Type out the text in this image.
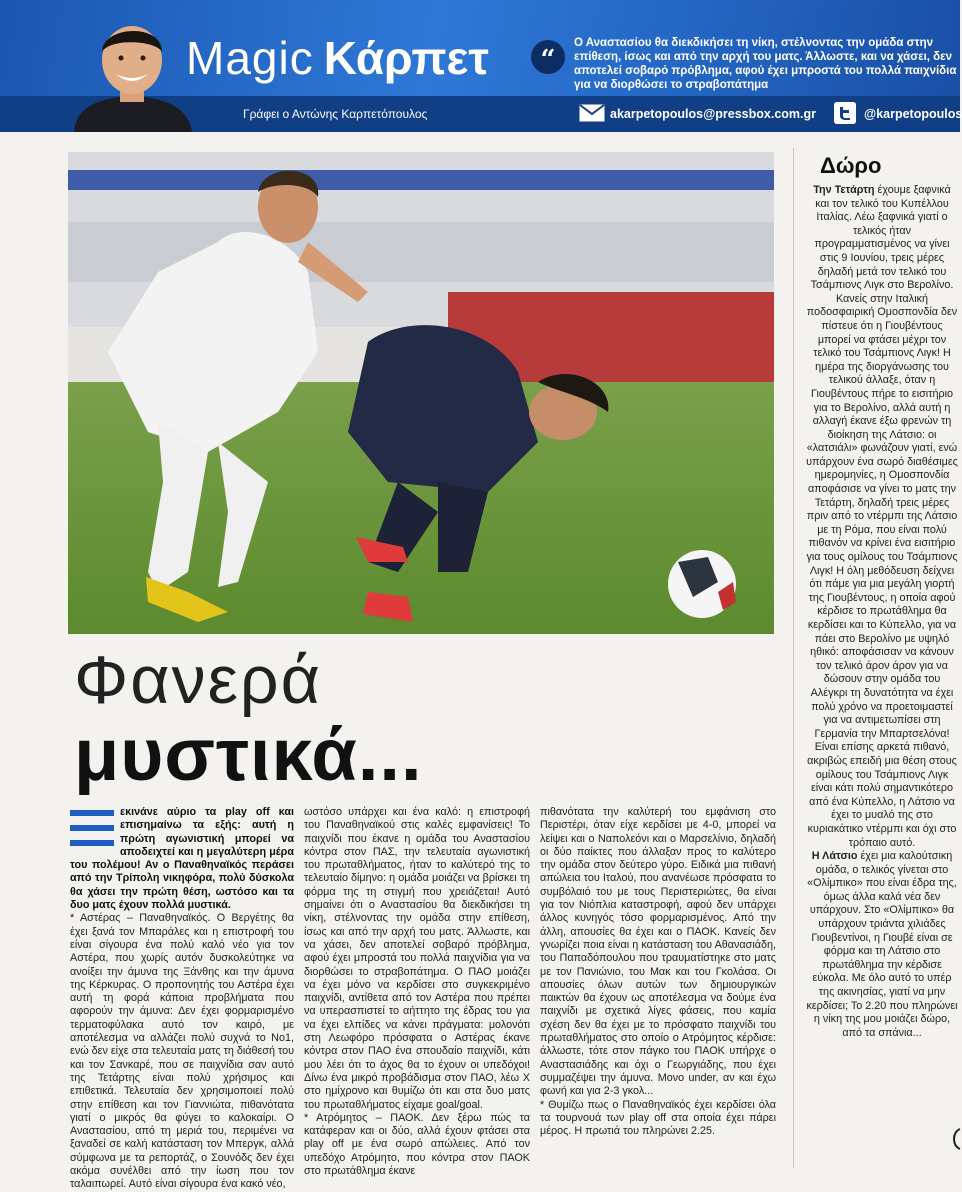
Magic Κάρπετ	“
Ο Αναστασίου θα διεκδικήσει τη νίκη, στέλνοντας την ομάδα στην
επίθεση, ίσως και από την αρχή του ματς. Άλλωστε, και να χάσει, δεν
αποτελεί σοβαρό πρόβλημα, αφού έχει μπροστά του πολλά παιχνίδια
για να διορθώσει το στραβοπάτημα
Γράφει ο Αντώνης Καρπετόπουλος	akarpetopoulos@pressbox.com.gr	@karpetopoulos
Φανερά
μυστικά...

εκινάνε αύριο τα play off και επισημαίνω τα εξής: αυτή η πρώτη αγωνιστική μπορεί να αποδειχτεί και η μεγαλύτερη μέρα του πολέμου! Αν ο Παναθηναϊκός περάσει από την Τρίπολη νικηφόρα, πολύ δύσκολα θα χάσει την πρώτη θέση, ωστόσο και τα δυο ματς έχουν πολλά μυστικά.

* Αστέρας – Παναθηναϊκός. Ο Βεργέτης θα έχει ξανά τον Μπαράλες και η επιστροφή του είναι σίγουρα ένα πολύ καλό νέο για τον Αστέρα, που χωρίς αυτόν δυσκολεύτηκε να ανοίξει την άμυνα της Ξάνθης και την άμυνα της Κέρκυρας. Ο προπονητής του Αστέρα έχει αυτή τη φορά κάποια προβλήματα που αφορούν την άμυνα: Δεν έχει φορμαρισμένο τερματοφύλακα αυτό τον καιρό, με αποτέλεσμα να αλλάζει πολύ συχνά το Νο1, ενώ δεν είχε στα τελευταία ματς τη διάθεσή του και τον Σανκαρέ, που σε παιχνίδια σαν αυτό της Τετάρτης είναι πολύ χρήσιμος και επιθετικά. Τελευταία δεν χρησιμοποιεί πολύ στην επίθεση και τον Γιαννιώτα, πιθανότατα γιατί ο μικρός θα φύγει το καλοκαίρι. Ο Αναστασίου, από τη μεριά του, περιμένει να ξαναδεί σε καλή κατάσταση τον Μπεργκ, αλλά σύμφωνα με τα ρεπορτάζ, ο Σουνόδς δεν έχει ακόμα συνέλθει από την ίωση που τον ταλαιπωρεί. Αυτό είναι σίγουρα ένα κακό νέο,

ωστόσο υπάρχει και ένα καλό: η επιστροφή του Παναθηναϊκού στις καλές εμφανίσεις! Το παιχνίδι που έκανε η ομάδα του Αναστασίου κόντρα στον ΠΑΣ, την τελευταία αγωνιστική του πρωταθλήματος, ήταν το καλύτερό της το τελευταίο δίμηνο: η ομάδα μοιάζει να βρίσκει τη φόρμα της τη στιγμή που χρειάζεται! Αυτό σημαίνει ότι ο Αναστασίου θα διεκδικήσει τη νίκη, στέλνοντας την ομάδα στην επίθεση, ίσως και από την αρχή του ματς. Άλλωστε, και να χάσει, δεν αποτελεί σοβαρό πρόβλημα, αφού έχει μπροστά του πολλά παιχνίδια για να διορθώσει το στραβοπάτημα. Ο ΠΑΟ μοιάζει να έχει μόνο να κερδίσει στο συγκεκριμένο παιχνίδι, αντίθετα από τον Αστέρα που πρέπει να υπερασπιστεί το αήττητο της έδρας του για να έχει ελπίδες να κάνει πράγματα: μολονότι στη Λεωφόρο πρόσφατα ο Αστέρας έκανε κόντρα στον ΠΑΟ ένα σπουδαίο παιχνίδι, κάτι μου λέει ότι το άχος θα το έχουν οι υπεδόχοι! Δίνω ένα μικρό προβάδισμα στον ΠΑΟ, λέω Χ στο ημίχρονο και θυμίζω ότι και στα δυο ματς του πρωταθλήματος είχαμε goal/goal.

* Ατρόμητος – ΠΑΟΚ. Δεν ξέρω πώς τα κατάφεραν και οι δύο, αλλά έχουν φτάσει στα play off με ένα σωρό απώλειες. Από τον υπεδόχο Ατρόμητο, που κόντρα στον ΠΑΟΚ στο πρωτάθλημα έκανε

πιθανότατα την καλύτερή του εμφάνιση στο Περιστέρι, όταν είχε κερδίσει με 4-0, μπορεί να λείψει και ο Ναπολεόνι και ο Μαρσελίνιο, δηλαδή οι δύο παίκτες που άλλαξαν προς το καλύτερο την ομάδα στον δεύτερο γύρο. Ειδικά μια πιθανή απώλεια του Ιταλού, που ανανέωσε πρόσφατα το συμβόλαιό του με τους Περιστεριώτες, θα είναι για τον Νιόπλια καταστροφή, αφού δεν υπάρχει άλλος κυνηγός τόσο φορμαρισμένος. Από την άλλη, απουσίες θα έχει και ο ΠΑΟΚ. Κανείς δεν γνωρίζει ποια είναι η κατάσταση του Αθανασιάδη, του Παπαδόπουλου που τραυματίστηκε στο ματς με τον Πανιώνιο, του Μακ και του Γκολάσα. Οι απουσίες όλων αυτών των δημιουργικών παικτών θα έχουν ως αποτέλεσμα να δούμε ένα παιχνίδι με σχετικά λίγες φάσεις, που καμία σχέση δεν θα έχει με το πρόσφατο παιχνίδι του πρωταθλήματος στο οποίο ο Ατρόμητος κέρδισε: άλλωστε, τότε στον πάγκο του ΠΑΟΚ υπήρχε ο Αναστασιάδης και όχι ο Γεωργιάδης, που έχει συμμαζέψει την άμυνα. Μονο under, αν και έχω φωνή και για 2-3 γκολ...

* Θυμίζω πως ο Παναθηναϊκός έχει κερδίσει όλα τα τουρνουά των play off στα οποία έχει πάρει μέρος. Η πρωτιά του πληρώνει 2.25.

Δώρο

Την Τετάρτη έχουμε ξαφνικά και τον τελικό του Κυπέλλου Ιταλίας. Λέω ξαφνικά γιατί ο τελικός ήταν προγραμματισμένος να γίνει στις 9 Ιουνίου, τρεις μέρες δηλαδή μετά τον τελικό του Τσάμπιονς Λιγκ στο Βερολίνο. Κανείς στην Ιταλική ποδοσφαιρική Ομοσπονδία δεν πίστευε ότι η Γιουβέντους μπορεί να φτάσει μέχρι τον τελικό του Τσάμπιονς Λιγκ! Η ημέρα της διοργάνωσης του τελικού άλλαξε, όταν η Γιουβέντους πήρε το εισιτήριο για το Βερολίνο, αλλά αυτή η αλλαγή έκανε έξω φρενών τη διοίκηση της Λάτσιο: οι «λατσιάλι» φωνάζουν γιατί, ενώ υπάρχουν ένα σωρό διαθέσιμες ημερομηνίες, η Ομοσπονδία αποφάσισε να γίνει το ματς την Τετάρτη, δηλαδή τρεις μέρες πριν από το ντέρμπι της Λάτσιο με τη Ρόμα, που είναι πολύ πιθανόν να κρίνει ένα εισιτήριο για τους ομίλους του Τσάμπιονς Λιγκ! Η όλη μεθόδευση δείχνει ότι πάμε για μια μεγάλη γιορτή της Γιουβέντους, η οποία αφού κέρδισε το πρωτάθλημα θα κερδίσει και το Κύπελλο, για να πάει στο Βερολίνο με υψηλό ηθικό: αποφάσισαν να κάνουν τον τελικό άρον άρον για να δώσουν στην ομάδα του Αλέγκρι τη δυνατότητα να έχει πολύ χρόνο να προετοιμαστεί για να αντιμετωπίσει στη Γερμανία την Μπαρτσελόνα! Είναι επίσης αρκετά πιθανό, ακριβώς επειδή μια θέση στους ομίλους του Τσάμπιονς Λιγκ είναι κάτι πολύ σημαντικότερο από ένα Κύπελλο, η Λάτσιο να έχει το μυαλό της στο κυριακάτικο ντέρμπι και όχι στο τρόπαιο αυτό.

Η Λάτσιο έχει μια καλούτσικη ομάδα, ο τελικός γίνεται στο «Ολίμπικο» που είναι έδρα της, όμως άλλα καλά νέα δεν υπάρχουν. Στο «Ολίμπικο» θα υπάρχουν τριάντα χιλιάδες Γιουβεντίνοι, η Γιουβέ είναι σε φόρμα και τη Λάτσιο στο πρωτάθλημα την κέρδισε εύκολα. Με όλο αυτό το υπέρ της ακινησίας, γιατί να μην κερδίσει; Το 2.20 που πληρώνει η νίκη της μου μοιάζει δώρο, από τα σπάνια...
